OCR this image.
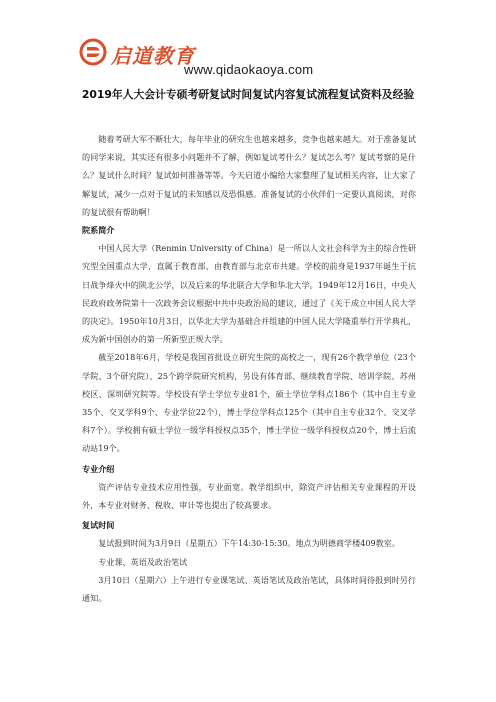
启道教育
www.qidaokaoya.com
2019年人大会计专硕考研复试时间复试内容复试流程复试资料及经验

随着考研大军不断壮大，每年毕业的研究生也越来越多，竞争也越来越大。对于准备复试的同学来说，其实还有很多小问题并不了解，例如复试考什么？复试怎么考？复试考察的是什么？复试什么时间？复试如何准备等等。今天启道小编给大家整理了复试相关内容，让大家了解复试，减少一点对于复试的未知感以及恐惧感。准备复试的小伙伴们一定要认真阅读，对你的复试很有帮助啊！

院系简介

中国人民大学（Renmin University of China）是一所以人文社会科学为主的综合性研究型全国重点大学，直属于教育部，由教育部与北京市共建。学校的前身是1937年诞生于抗日战争烽火中的陕北公学，以及后来的华北联合大学和华北大学。1949年12月16日，中央人民政府政务院第十一次政务会议根据中共中央政治局的建议，通过了《关于成立中国人民大学的决定》。1950年10月3日，以华北大学为基础合并组建的中国人民大学隆重举行开学典礼，成为新中国创办的第一所新型正规大学。

截至2018年6月，学校是我国首批设立研究生院的高校之一，现有26个教学单位（23个学院、3个研究院）、25个跨学院研究机构，另设有体育部、继续教育学院、培训学院、苏州校区、深圳研究院等。学校设有学士学位专业81个，硕士学位学科点186个（其中自主专业35个、交叉学科9个、专业学位22个），博士学位学科点125个（其中自主专业32个、交叉学科7个）。学校拥有硕士学位一级学科授权点35个，博士学位一级学科授权点20个，博士后流动站19个。

专业介绍

资产评估专业技术应用性强，专业面宽。教学组织中，除资产评估相关专业课程的开设外，本专业对财务、税收、审计等也提出了较高要求。

复试时间

复试报到时间为3月9日（星期五）下午14:30-15:30。地点为明德商学楼409教室。

专业课、英语及政治笔试

3月10日（星期六）上午进行专业课笔试、英语笔试及政治笔试，具体时间待报到时另行通知。
